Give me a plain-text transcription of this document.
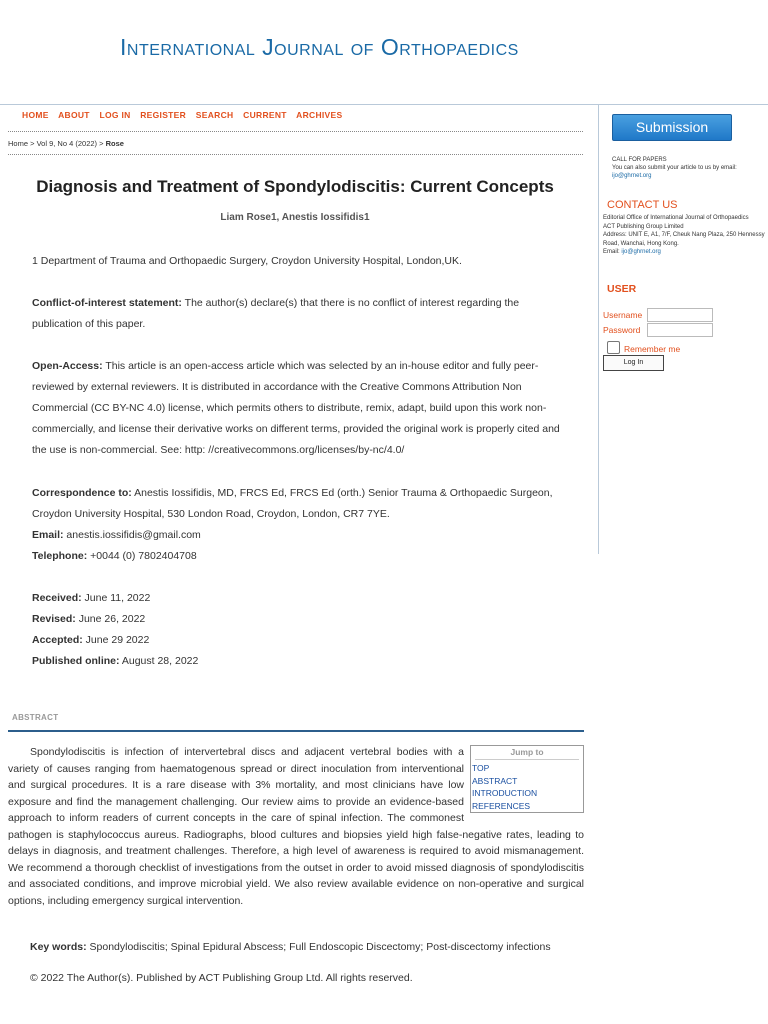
International Journal of Orthopaedics
HOME ABOUT LOG IN REGISTER SEARCH CURRENT ARCHIVES
Home > Vol 9, No 4 (2022) > Rose
Submission
CALL FOR PAPERS
You can also submit your article to us by email:
ijo@ghrnet.org
CONTACT US
Editorial Office of International Journal of Orthopaedics
ACT Publishing Group Limited
Address: UNIT E, A1, 7/F, Cheuk Nang Plaza, 250 Hennessy Road, Wanchai, Hong Kong.
Email: ijo@ghrnet.org
USER
Username
Password
Remember me
Log In
Diagnosis and Treatment of Spondylodiscitis: Current Concepts
Liam Rose1, Anestis Iossifidis1
1 Department of Trauma and Orthopaedic Surgery, Croydon University Hospital, London,UK.
Conflict-of-interest statement: The author(s) declare(s) that there is no conflict of interest regarding the publication of this paper.
Open-Access: This article is an open-access article which was selected by an in-house editor and fully peer-reviewed by external reviewers. It is distributed in accordance with the Creative Commons Attribution Non Commercial (CC BY-NC 4.0) license, which permits others to distribute, remix, adapt, build upon this work non-commercially, and license their derivative works on different terms, provided the original work is properly cited and the use is non-commercial. See: http: //creativecommons.org/licenses/by-nc/4.0/
Correspondence to: Anestis Iossifidis, MD, FRCS Ed, FRCS Ed (orth.) Senior Trauma & Orthopaedic Surgeon, Croydon University Hospital, 530 London Road, Croydon, London, CR7 7YE.
Email: anestis.iossifidis@gmail.com
Telephone: +0044 (0) 7802404708
Received: June 11, 2022
Revised: June 26, 2022
Accepted: June 29 2022
Published online: August 28, 2022
ABSTRACT
Spondylodiscitis is infection of intervertebral discs and adjacent vertebral bodies with a variety of causes ranging from haematogenous spread or direct inoculation from interventional and surgical procedures. It is a rare disease with 3% mortality, and most clinicians have low exposure and find the management challenging. Our review aims to provide an evidence-based approach to inform readers of current concepts in the care of spinal infection. The commonest pathogen is staphylococcus aureus. Radiographs, blood cultures and biopsies yield high false-negative rates, leading to delays in diagnosis, and treatment challenges. Therefore, a high level of awareness is required to avoid mismanagement. We recommend a thorough checklist of investigations from the outset in order to avoid missed diagnosis of spondylodiscitis and associated conditions, and improve microbial yield. We also review available evidence on non-operative and surgical options, including emergency surgical intervention.
Jump to
TOP
ABSTRACT
INTRODUCTION
REFERENCES
Key words: Spondylodiscitis; Spinal Epidural Abscess; Full Endoscopic Discectomy; Post-discectomy infections
© 2022 The Author(s). Published by ACT Publishing Group Ltd. All rights reserved.
